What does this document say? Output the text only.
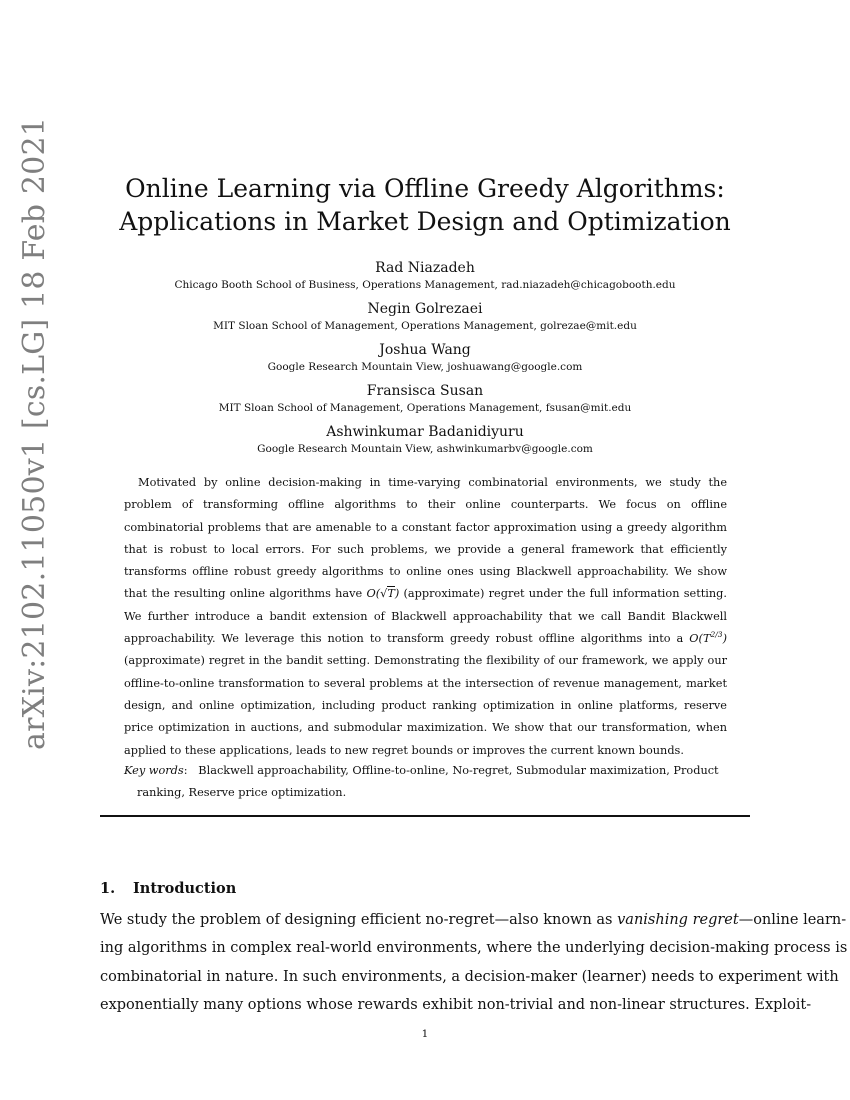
arXiv:2102.11050v1 [cs.LG] 18 Feb 2021	Online Learning via Offline Greedy Algorithms:
Applications in Market Design and Optimization
Rad Niazadeh
Chicago Booth School of Business, Operations Management, rad.niazadeh@chicagobooth.edu
Negin Golrezaei
MIT Sloan School of Management, Operations Management, golrezae@mit.edu
Joshua Wang
Google Research Mountain View, joshuawang@google.com
Fransisca Susan
MIT Sloan School of Management, Operations Management, fsusan@mit.edu
Ashwinkumar Badanidiyuru
Google Research Mountain View, ashwinkumarbv@google.com
Motivated by online decision-making in time-varying combinatorial environments, we study the problem of transforming offline algorithms to their online counterparts. We focus on offline combinatorial problems that are amenable to a constant factor approximation using a greedy algorithm that is robust to local errors. For such problems, we provide a general framework that efficiently transforms offline robust greedy algorithms to online ones using Blackwell approachability. We show that the resulting online algorithms have O(√T) (approximate) regret under the full information setting. We further introduce a bandit extension of Blackwell approachability that we call Bandit Blackwell approachability. We leverage this notion to transform greedy robust offline algorithms into a $O(T^{2/3})$ (approximate) regret in the bandit setting. Demonstrating the flexibility of our framework, we apply our offline-to-online transformation to several problems at the intersection of revenue management, market design, and online optimization, including product ranking optimization in online platforms, reserve price optimization in auctions, and submodular maximization. We show that our transformation, when applied to these applications, leads to new regret bounds or improves the current known bounds.
Key words:   Blackwell approachability, Offline-to-online, No-regret, Submodular maximization, Product
ranking, Reserve price optimization.
1. Introduction
We study the problem of designing efficient no-regret—also known as vanishing regret—online learn-
ing algorithms in complex real-world environments, where the underlying decision-making process is
combinatorial in nature. In such environments, a decision-maker (learner) needs to experiment with
exponentially many options whose rewards exhibit non-trivial and non-linear structures. Exploit-
1
